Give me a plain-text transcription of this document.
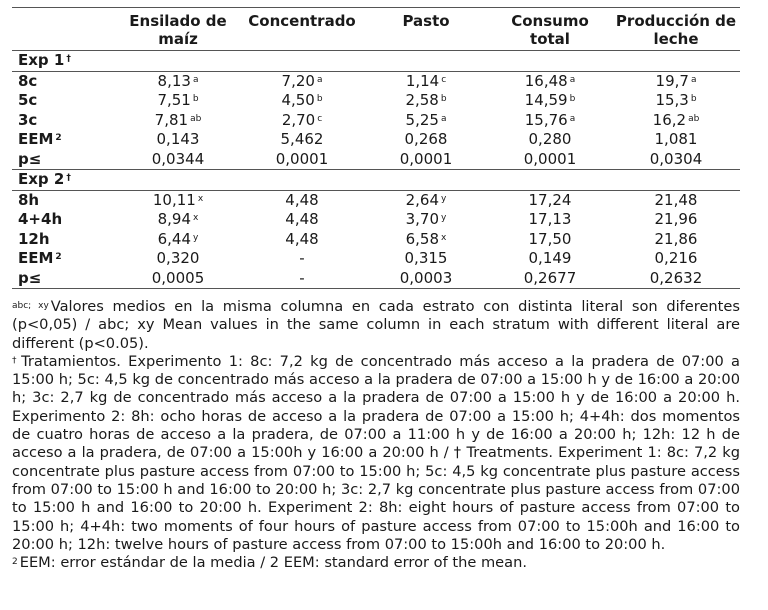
	Ensilado de maíz	Concentrado	Pasto	Consumo total	Producción de leche
Exp 1 †
8c	8,13 $^a$	7,20 $^a$	1,14 $^c$	16,48 $^a$	19,7 $^a$
5c	7,51 $^b$	4,50 $^b$	2,58 $^b$	14,59 $^b$	15,3 $^b$
3c	7,81 $^{ab}$	2,70 $^c$	5,25 $^a$	15,76 $^a$	16,2 $^{ab}$
EEM $^2$	0,143	5,462	0,268	0,280	1,081
p≤	0,0344	0,0001	0,0001	0,0001	0,0304
Exp 2 †
8h	10,11 $^x$	4,48	2,64 $^y$	17,24	21,48
4+4h	8,94 $^x$	4,48	3,70 $^y$	17,13	21,96
12h	6,44 $^y$	4,48	6,58 $^x$	17,50	21,86
EEM $^2$	0,320	-	0,315	0,149	0,216
p≤	0,0005	-	0,0003	0,2677	0,2632

$^{abc; xy}$ Valores medios en la misma columna en cada estrato con distinta literal son diferentes (p<0,05) / abc; xy Mean values in the same column in each stratum with different literal are different (p<0.05).

† Tratamientos. Experimento 1: 8c: 7,2 kg de concentrado más acceso a la pradera de 07:00 a 15:00 h; 5c: 4,5 kg de concentrado más acceso a la pradera de 07:00 a 15:00 h y de 16:00 a 20:00 h; 3c: 2,7 kg de concentrado más acceso a la pradera de 07:00 a 15:00 h y de 16:00 a 20:00 h. Experimento 2: 8h: ocho horas de acceso a la pradera de 07:00 a 15:00 h; 4+4h: dos momentos de cuatro horas de acceso a la pradera, de 07:00 a 11:00 h y de 16:00 a 20:00 h; 12h: 12 h de acceso a la pradera, de 07:00 a 15:00h y 16:00 a 20:00 h / † Treatments. Experiment 1: 8c: 7,2 kg concentrate plus pasture access from 07:00 to 15:00 h; 5c: 4,5 kg concentrate plus pasture access from 07:00 to 15:00 h and 16:00 to 20:00 h; 3c: 2,7 kg concentrate plus pasture access from 07:00 to 15:00 h and 16:00 to 20:00 h. Experiment 2: 8h: eight hours of pasture access from 07:00 to 15:00 h; 4+4h: two moments of four hours of pasture access from 07:00 to 15:00h and 16:00 to 20:00 h; 12h: twelve hours of pasture access from 07:00 to 15:00h and 16:00 to 20:00 h.

$^2$ EEM: error estándar de la media / 2 EEM: standard error of the mean.
